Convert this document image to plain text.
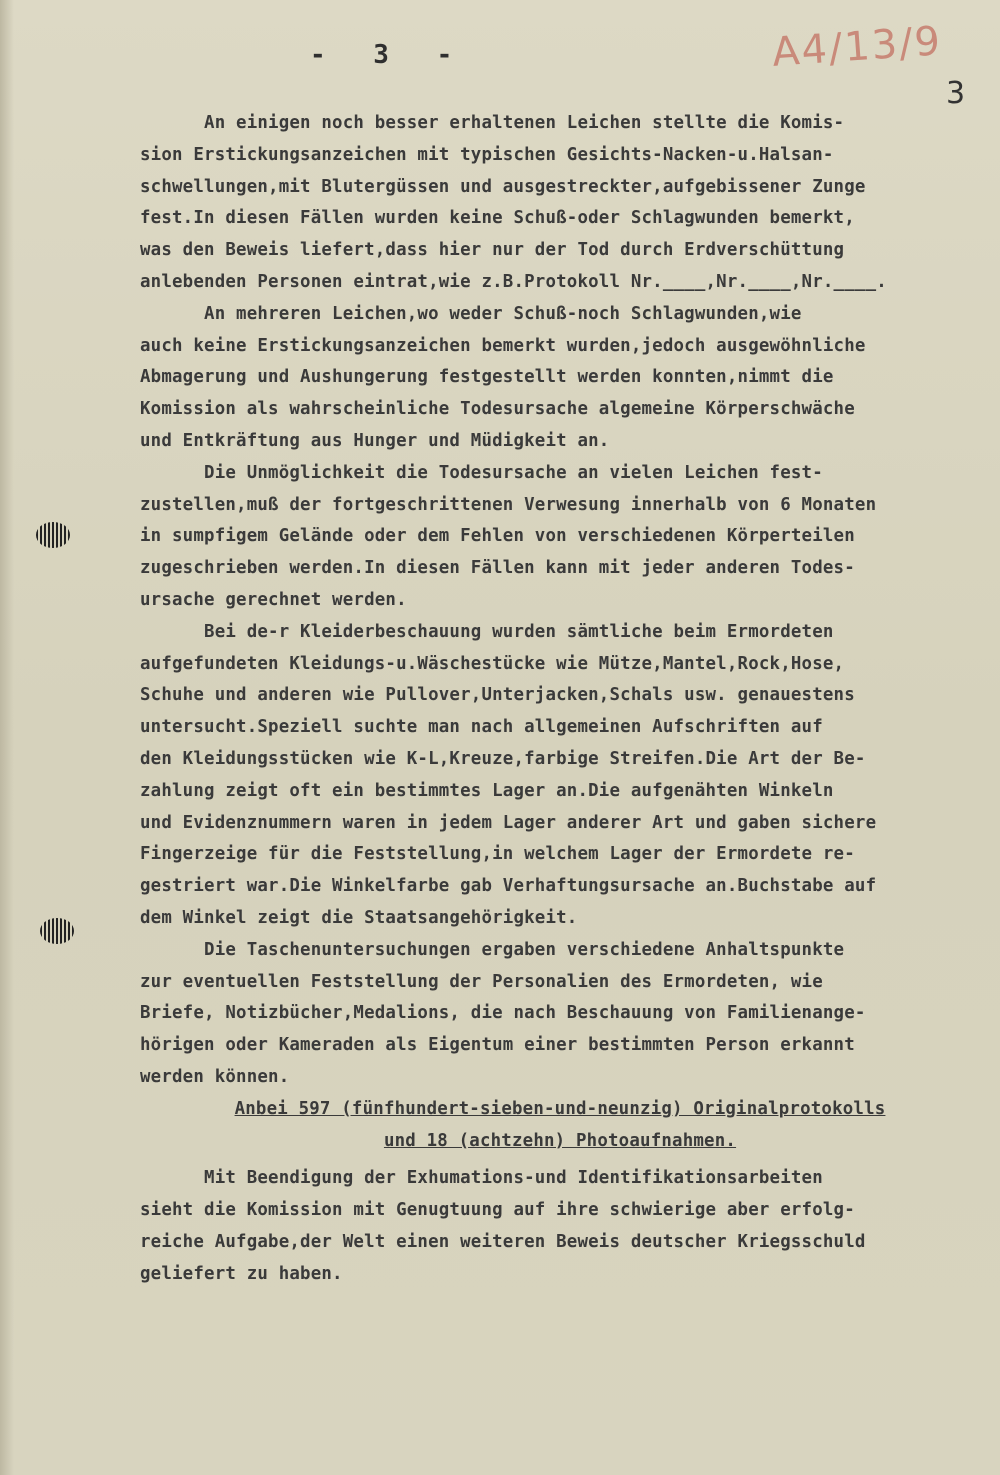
- 3 -	A4/13/9
3
An einigen noch besser erhaltenen Leichen stellte die Komis-
sion Erstickungsanzeichen mit typischen Gesichts-Nacken-u.Halsan-
schwellungen,mit Blutergüssen und ausgestreckter,aufgebissener Zunge
fest.In diesen Fällen wurden keine Schuß-oder Schlagwunden bemerkt,
was den Beweis liefert,dass hier nur der Tod durch Erdverschüttung
anlebenden Personen eintrat,wie z.B.Protokoll Nr.____,Nr.____,Nr.____.
An mehreren Leichen,wo weder Schuß-noch Schlagwunden,wie
auch keine Erstickungsanzeichen bemerkt wurden,jedoch ausgewöhnliche
Abmagerung und Aushungerung festgestellt werden konnten,nimmt die
Komission als wahrscheinliche Todesursache algemeine Körperschwäche
und Entkräftung aus Hunger und Müdigkeit an.
Die Unmöglichkeit die Todesursache an vielen Leichen fest-
zustellen,muß der fortgeschrittenen Verwesung innerhalb von 6 Monaten
in sumpfigem Gelände oder dem Fehlen von verschiedenen Körperteilen
zugeschrieben werden.In diesen Fällen kann mit jeder anderen Todes-
ursache gerechnet werden.
Bei de-r Kleiderbeschauung wurden sämtliche beim Ermordeten
aufgefundeten Kleidungs-u.Wäschestücke wie Mütze,Mantel,Rock,Hose,
Schuhe und anderen wie Pullover,Unterjacken,Schals usw. genauestens
untersucht.Speziell suchte man nach allgemeinen Aufschriften auf
den Kleidungsstücken wie K-L,Kreuze,farbige Streifen.Die Art der Be-
zahlung zeigt oft ein bestimmtes Lager an.Die aufgenähten Winkeln
und Evidenznummern waren in jedem Lager anderer Art und gaben sichere
Fingerzeige für die Feststellung,in welchem Lager der Ermordete re-
gestriert war.Die Winkelfarbe gab Verhaftungsursache an.Buchstabe auf
dem Winkel zeigt die Staatsangehörigkeit.
Die Taschenuntersuchungen ergaben verschiedene Anhaltspunkte
zur eventuellen Feststellung der Personalien des Ermordeten, wie
Briefe, Notizbücher,Medalions, die nach Beschauung von Familienange-
hörigen oder Kameraden als Eigentum einer bestimmten Person erkannt
werden können.
Anbei 597 (fünfhundert-sieben-und-neunzig) Originalprotokolls
und 18 (achtzehn) Photoaufnahmen.
Mit Beendigung der Exhumations-und Identifikationsarbeiten
sieht die Komission mit Genugtuung auf ihre schwierige aber erfolg-
reiche Aufgabe,der Welt einen weiteren Beweis deutscher Kriegsschuld
geliefert zu haben.
